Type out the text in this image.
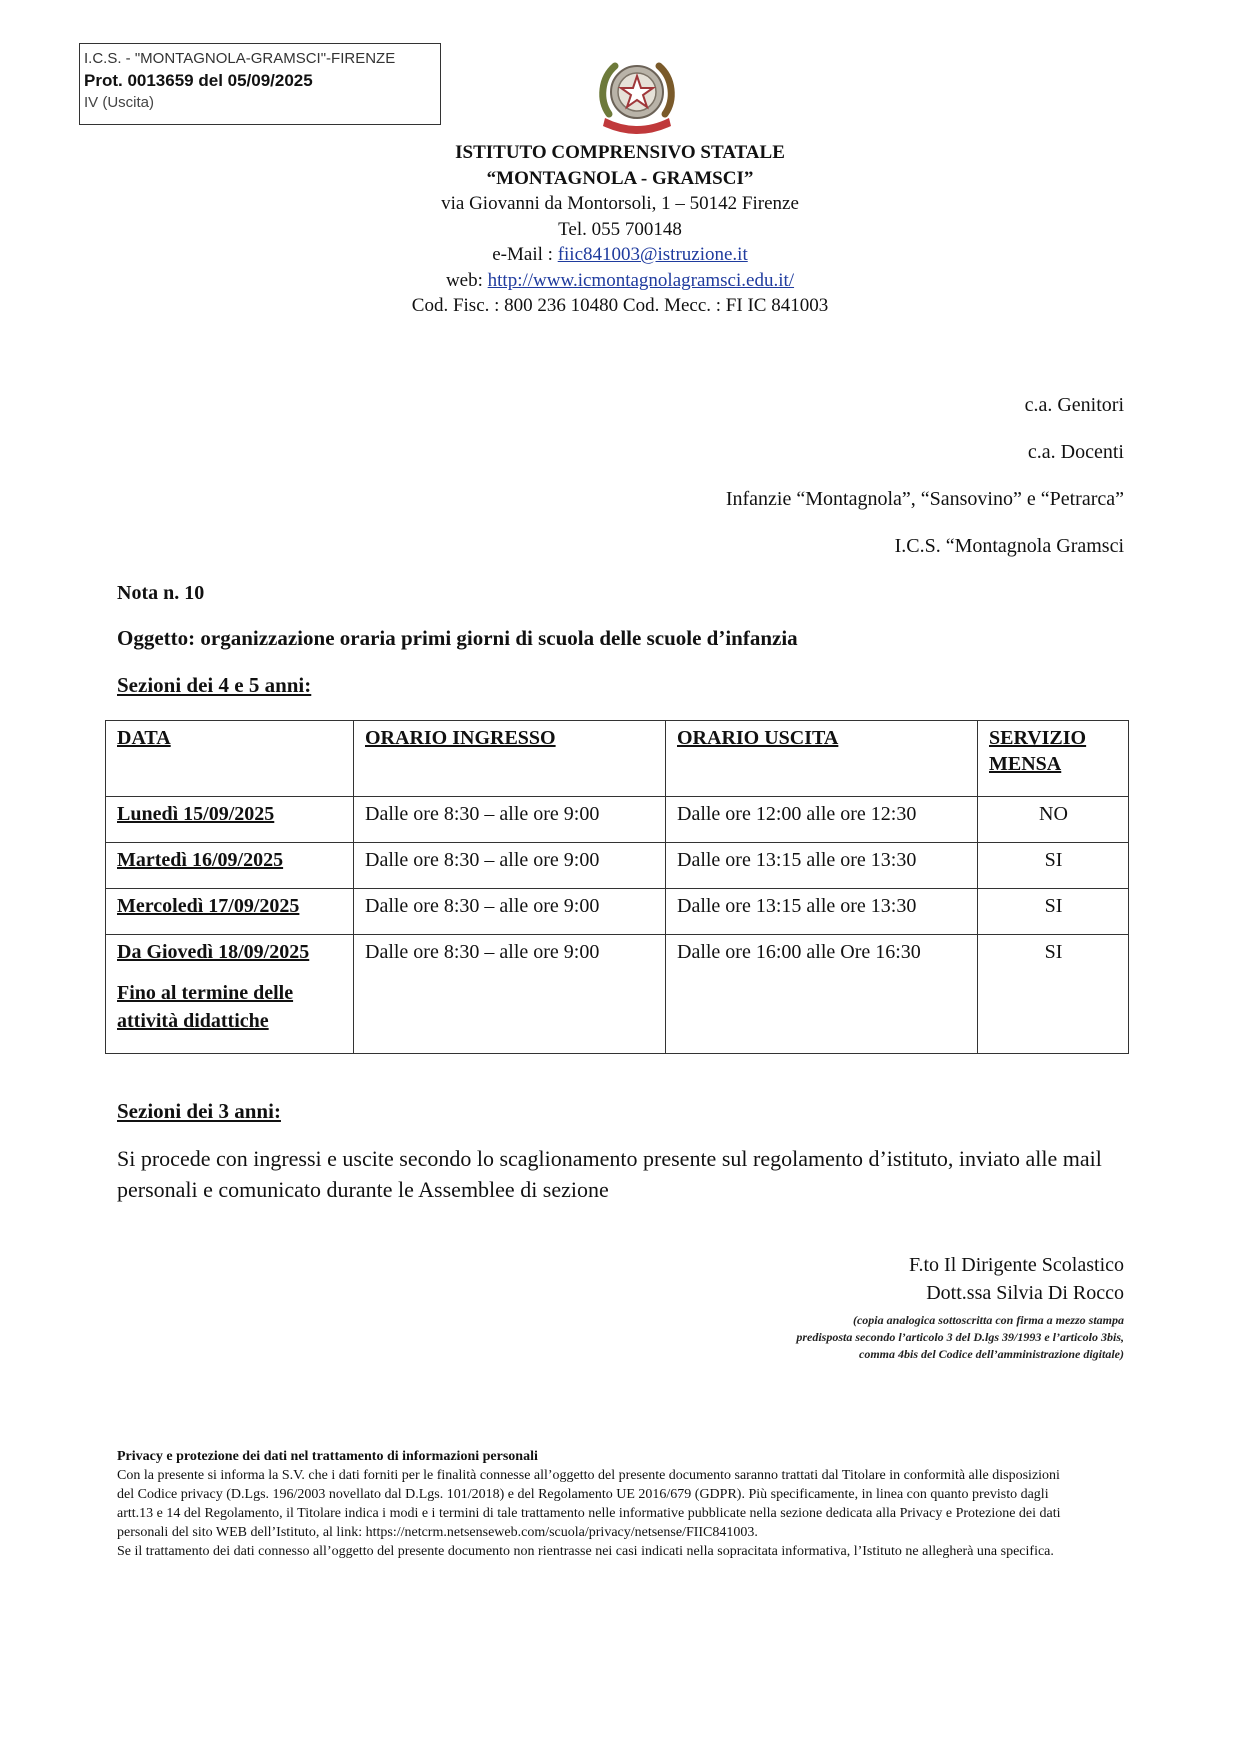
I.C.S. - "MONTAGNOLA-GRAMSCI"-FIRENZE
Prot. 0013659 del 05/09/2025
IV (Uscita)
ISTITUTO COMPRENSIVO STATALE
“MONTAGNOLA - GRAMSCI”
via Giovanni da Montorsoli, 1 – 50142 Firenze
Tel. 055 700148
e-Mail : fiic841003@istruzione.it
web: http://www.icmontagnolagramsci.edu.it/
Cod. Fisc. : 800 236 10480 Cod. Mecc. : FI IC 841003
c.a. Genitori
c.a. Docenti
Infanzie “Montagnola”, “Sansovino” e “Petrarca”
I.C.S. “Montagnola Gramsci
Nota n. 10
Oggetto: organizzazione oraria primi giorni di scuola delle scuole d’infanzia
Sezioni dei 4 e 5 anni:
DATA	ORARIO INGRESSO	ORARIO USCITA	SERVIZIO MENSA
Lunedì 15/09/2025	Dalle ore 8:30 – alle ore 9:00	Dalle ore 12:00 alle ore 12:30	NO
Martedì 16/09/2025	Dalle ore 8:30 – alle ore 9:00	Dalle ore 13:15 alle ore 13:30	SI
Mercoledì 17/09/2025	Dalle ore 8:30 – alle ore 9:00	Dalle ore 13:15 alle ore 13:30	SI
Da Giovedì 18/09/2025
Fino al termine delle attività didattiche	Dalle ore 8:30 – alle ore 9:00	Dalle ore 16:00 alle Ore 16:30	SI
Sezioni dei 3 anni:
Si procede con ingressi e uscite secondo lo scaglionamento presente sul regolamento d’istituto, inviato alle mail personali e comunicato durante le Assemblee di sezione
F.to Il Dirigente Scolastico
Dott.ssa Silvia Di Rocco
(copia analogica sottoscritta con firma a mezzo stampa
predisposta secondo l’articolo 3 del D.lgs 39/1993 e l’articolo 3bis,
comma 4bis del Codice dell’amministrazione digitale)
Privacy e protezione dei dati nel trattamento di informazioni personali
Con la presente si informa la S.V. che i dati forniti per le finalità connesse all’oggetto del presente documento saranno trattati dal Titolare in conformità alle disposizioni del Codice privacy (D.Lgs. 196/2003 novellato dal D.Lgs. 101/2018) e del Regolamento UE 2016/679 (GDPR). Più specificamente, in linea con quanto previsto dagli artt.13 e 14 del Regolamento, il Titolare indica i modi e i termini di tale trattamento nelle informative pubblicate nella sezione dedicata alla Privacy e Protezione dei dati personali del sito WEB dell’Istituto, al link: https://netcrm.netsenseweb.com/scuola/privacy/netsense/FIIC841003.
Se il trattamento dei dati connesso all’oggetto del presente documento non rientrasse nei casi indicati nella sopracitata informativa, l’Istituto ne allegherà una specifica.
